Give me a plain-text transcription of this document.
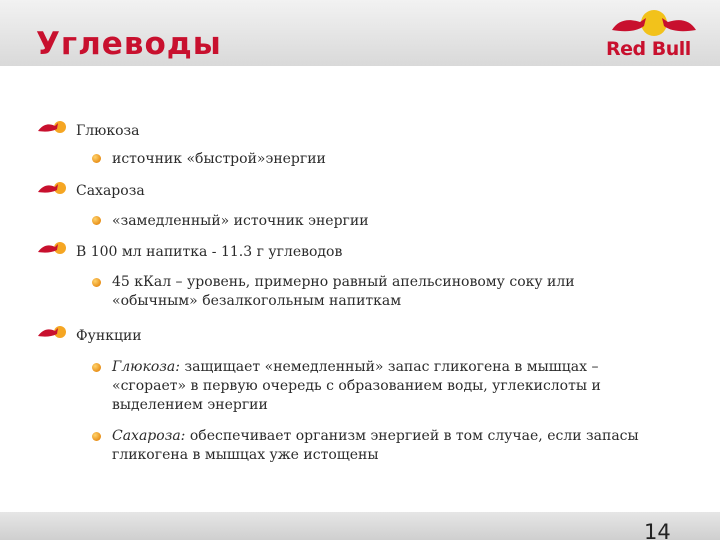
Углеводы	Red Bull
Глюкоза
источник «быстрой»энергии
Сахароза
«замедленный» источник энергии
В 100 мл напитка - 11.3 г углеводов
45 кКал – уровень, примерно равный апельсиновому соку или «обычным» безалкогольным напиткам
Функции
Глюкоза: защищает «немедленный» запас гликогена в мышцах – «сгорает» в первую очередь с образованием воды, углекислоты и выделением энергии
Сахароза: обеспечивает организм энергией в том случае, если запасы гликогена в мышцах уже истощены
14
